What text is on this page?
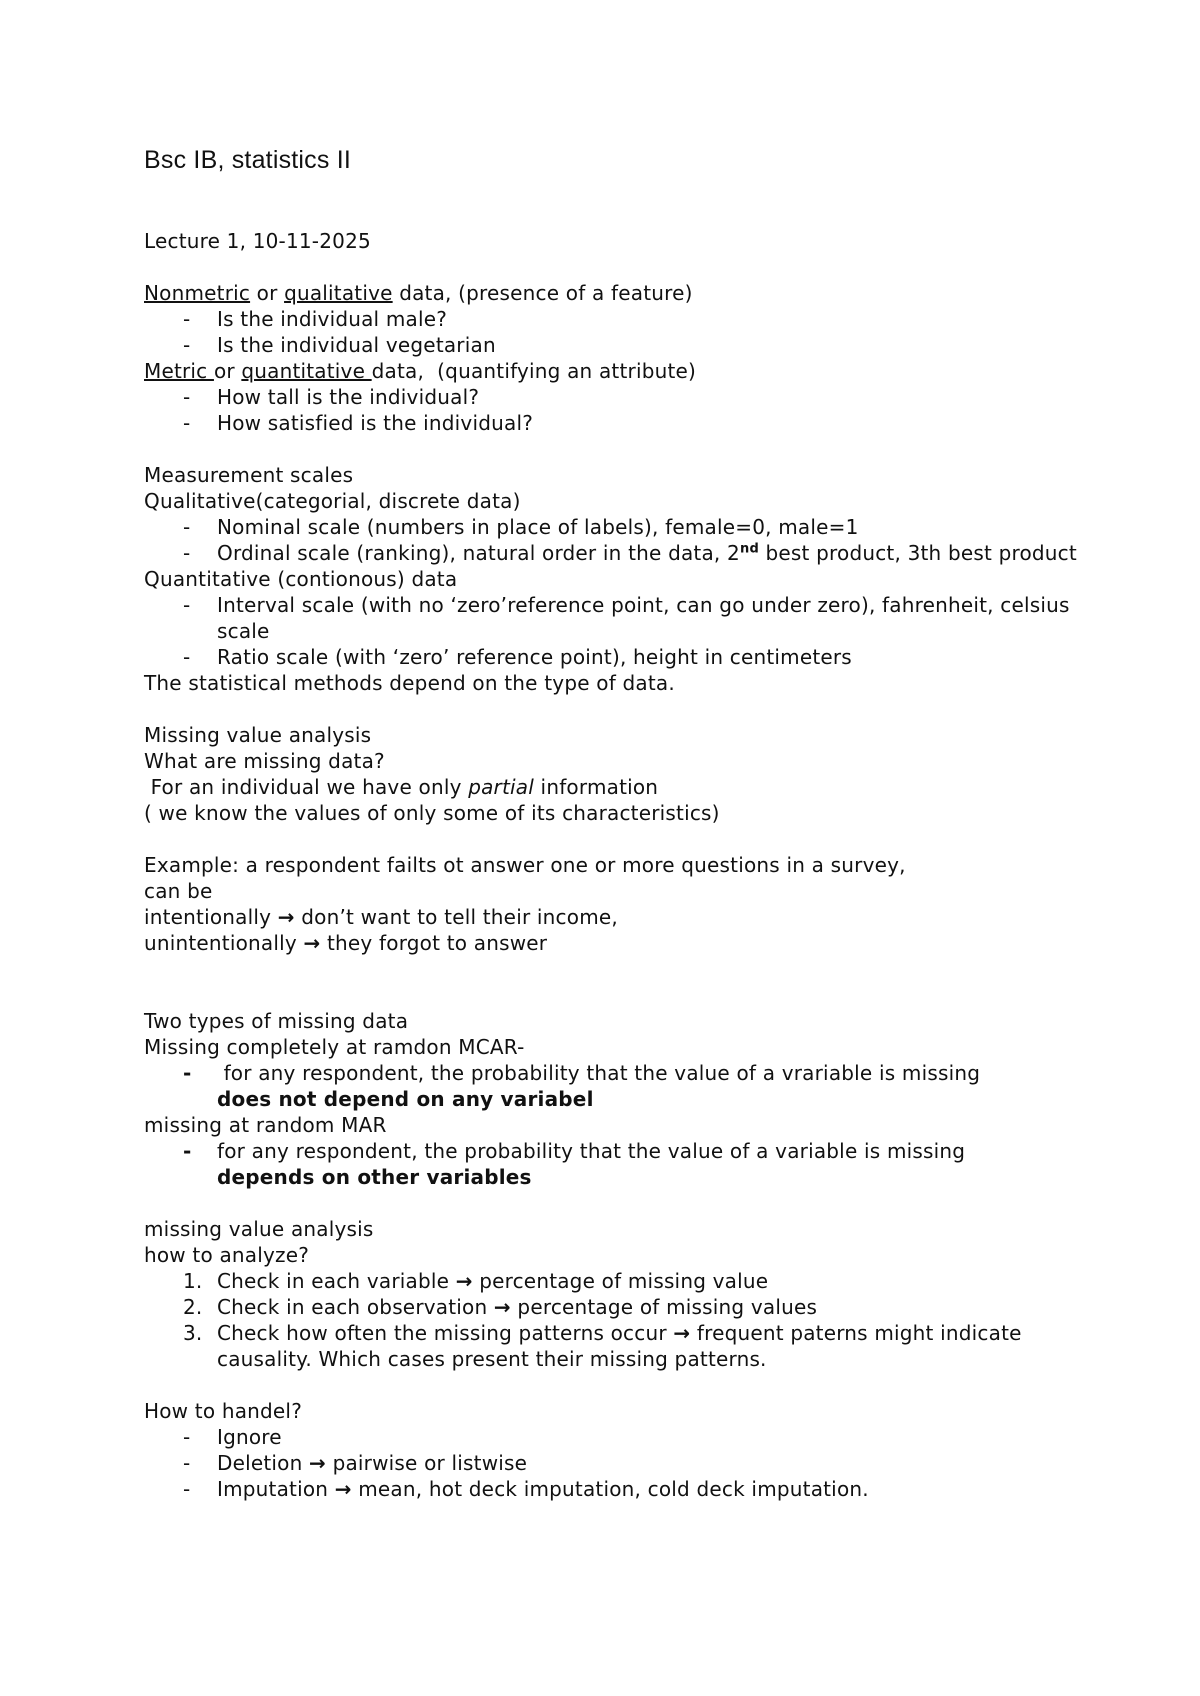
Bsc IB, statistics II
Lecture 1, 10-11-2025
Nonmetric or qualitative data, (presence of a feature)
- Is the individual male?
- Is the individual vegetarian
Metric or quantitative data,  (quantifying an attribute)
- How tall is the individual?
- How satisfied is the individual?
Measurement scales
Qualitative(categorial, discrete data)
- Nominal scale (numbers in place of labels), female=0, male=1
- Ordinal scale (ranking), natural order in the data, 2nd best product, 3th best product
Quantitative (contionous) data
- Interval scale (with no ‘zero’reference point, can go under zero), fahrenheit, celsius scale
- Ratio scale (with ‘zero’ reference point), height in centimeters
The statistical methods depend on the type of data.
Missing value analysis
What are missing data?
For an individual we have only partial information
( we know the values of only some of its characteristics)
Example: a respondent failts ot answer one or more questions in a survey,
can be
intentionally → don’t want to tell their income,
unintentionally → they forgot to answer
Two types of missing data
Missing completely at ramdon MCAR-
- for any respondent, the probability that the value of a vrariable is missing
does not depend on any variabel
missing at random MAR
- for any respondent, the probability that the value of a variable is missing
depends on other variables
missing value analysis
how to analyze?
1. Check in each variable → percentage of missing value
2. Check in each observation → percentage of missing values
3. Check how often the missing patterns occur → frequent paterns might indicate causality. Which cases present their missing patterns.
How to handel?
- Ignore
- Deletion → pairwise or listwise
- Imputation → mean, hot deck imputation, cold deck imputation.
